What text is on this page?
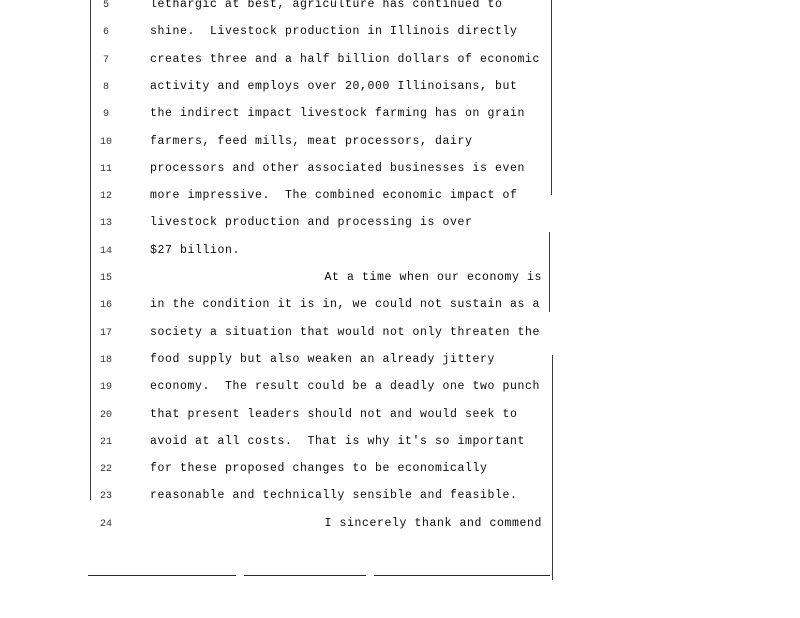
5	lethargic at best, agriculture has continued to
6	shine.  Livestock production in Illinois directly
7	creates three and a half billion dollars of economic
8	activity and employs over 20,000 Illinoisans, but
9	the indirect impact livestock farming has on grain
10	farmers, feed mills, meat processors, dairy
11	processors and other associated businesses is even
12	more impressive.  The combined economic impact of
13	livestock production and processing is over
14	$27 billion.
15	At a time when our economy is
16	in the condition it is in, we could not sustain as a
17	society a situation that would not only threaten the
18	food supply but also weaken an already jittery
19	economy.  The result could be a deadly one two punch
20	that present leaders should not and would seek to
21	avoid at all costs.  That is why it's so important
22	for these proposed changes to be economically
23	reasonable and technically sensible and feasible.
24	I sincerely thank and commend
